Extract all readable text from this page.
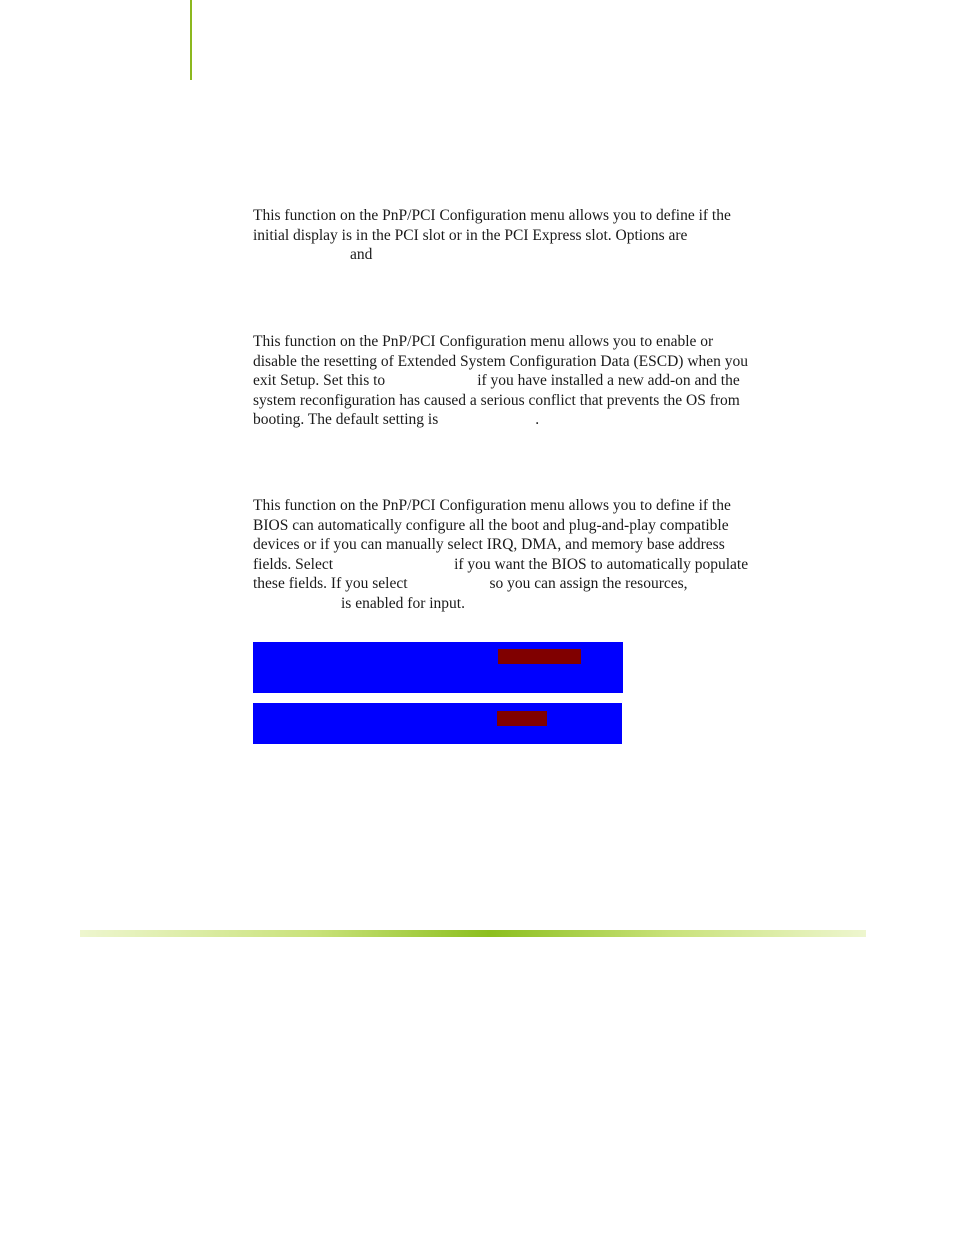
This function on the PnP/PCI Configuration menu allows you to define if the
initial display is in the PCI slot or in the PCI Express slot. Options are
and
This function on the PnP/PCI Configuration menu allows you to enable or
disable the resetting of Extended System Configuration Data (ESCD) when you
exit Setup. Set this to	if you have installed a new add-on and the
system reconfiguration has caused a serious conflict that prevents the OS from
booting. The default setting is	.
This function on the PnP/PCI Configuration menu allows you to define if the
BIOS can automatically configure all the boot and plug-and-play compatible
devices or if you can manually select IRQ, DMA, and memory base address
fields. Select	if you want the BIOS to automatically populate
these fields. If you select	so you can assign the resources,
is enabled for input.
